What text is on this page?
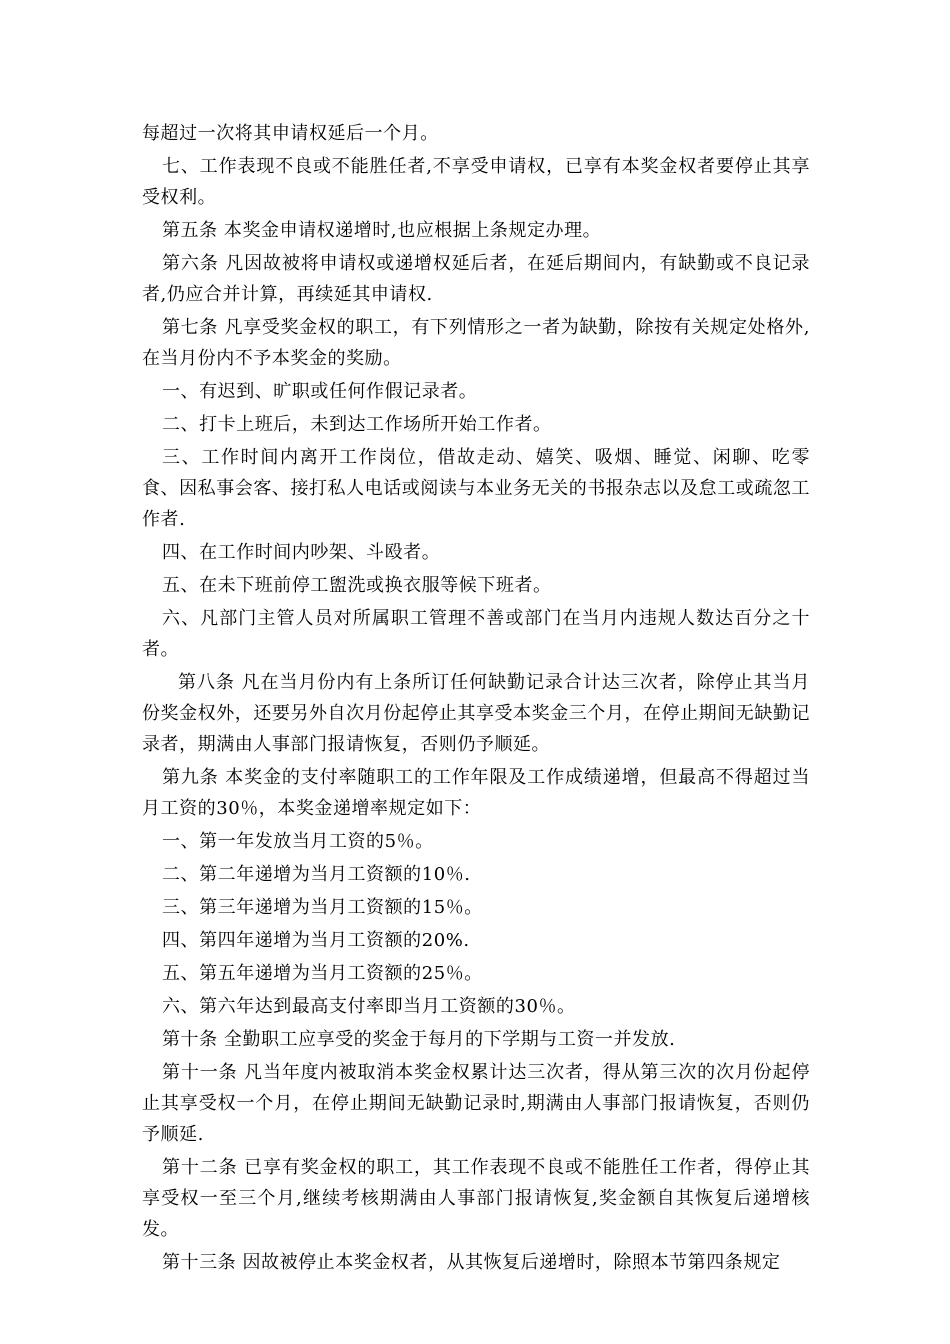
每超过一次将其申请权延后一个月。

七、工作表现不良或不能胜任者,不享受申请权，已享有本奖金权者要停止其享受权利。

第五条 本奖金申请权递增时,也应根据上条规定办理。

第六条 凡因故被将申请权或递增权延后者，在延后期间内，有缺勤或不良记录者,仍应合并计算，再续延其申请权.

第七条 凡享受奖金权的职工，有下列情形之一者为缺勤，除按有关规定处格外,在当月份内不予本奖金的奖励。

一、有迟到、旷职或任何作假记录者。

二、打卡上班后，未到达工作场所开始工作者。

三、工作时间内离开工作岗位，借故走动、嬉笑、吸烟、睡觉、闲聊、吃零食、因私事会客、接打私人电话或阅读与本业务无关的书报杂志以及怠工或疏忽工作者.

四、在工作时间内吵架、斗殴者。

五、在未下班前停工盥洗或换衣服等候下班者。

六、凡部门主管人员对所属职工管理不善或部门在当月内违规人数达百分之十者。

第八条 凡在当月份内有上条所订任何缺勤记录合计达三次者，除停止其当月份奖金权外，还要另外自次月份起停止其享受本奖金三个月，在停止期间无缺勤记录者，期满由人事部门报请恢复，否则仍予顺延。

第九条 本奖金的支付率随职工的工作年限及工作成绩递增，但最高不得超过当月工资的30％，本奖金递增率规定如下：

一、第一年发放当月工资的5％。

二、第二年递增为当月工资额的10％.

三、第三年递增为当月工资额的15％。

四、第四年递增为当月工资额的20%.

五、第五年递增为当月工资额的25％。

六、第六年达到最高支付率即当月工资额的30％。

第十条 全勤职工应享受的奖金于每月的下学期与工资一并发放.

第十一条 凡当年度内被取消本奖金权累计达三次者，得从第三次的次月份起停止其享受权一个月，在停止期间无缺勤记录时,期满由人事部门报请恢复，否则仍予顺延.

第十二条 已享有奖金权的职工，其工作表现不良或不能胜任工作者，得停止其享受权一至三个月,继续考核期满由人事部门报请恢复,奖金额自其恢复后递增核发。

第十三条 因故被停止本奖金权者，从其恢复后递增时，除照本节第四条规定
